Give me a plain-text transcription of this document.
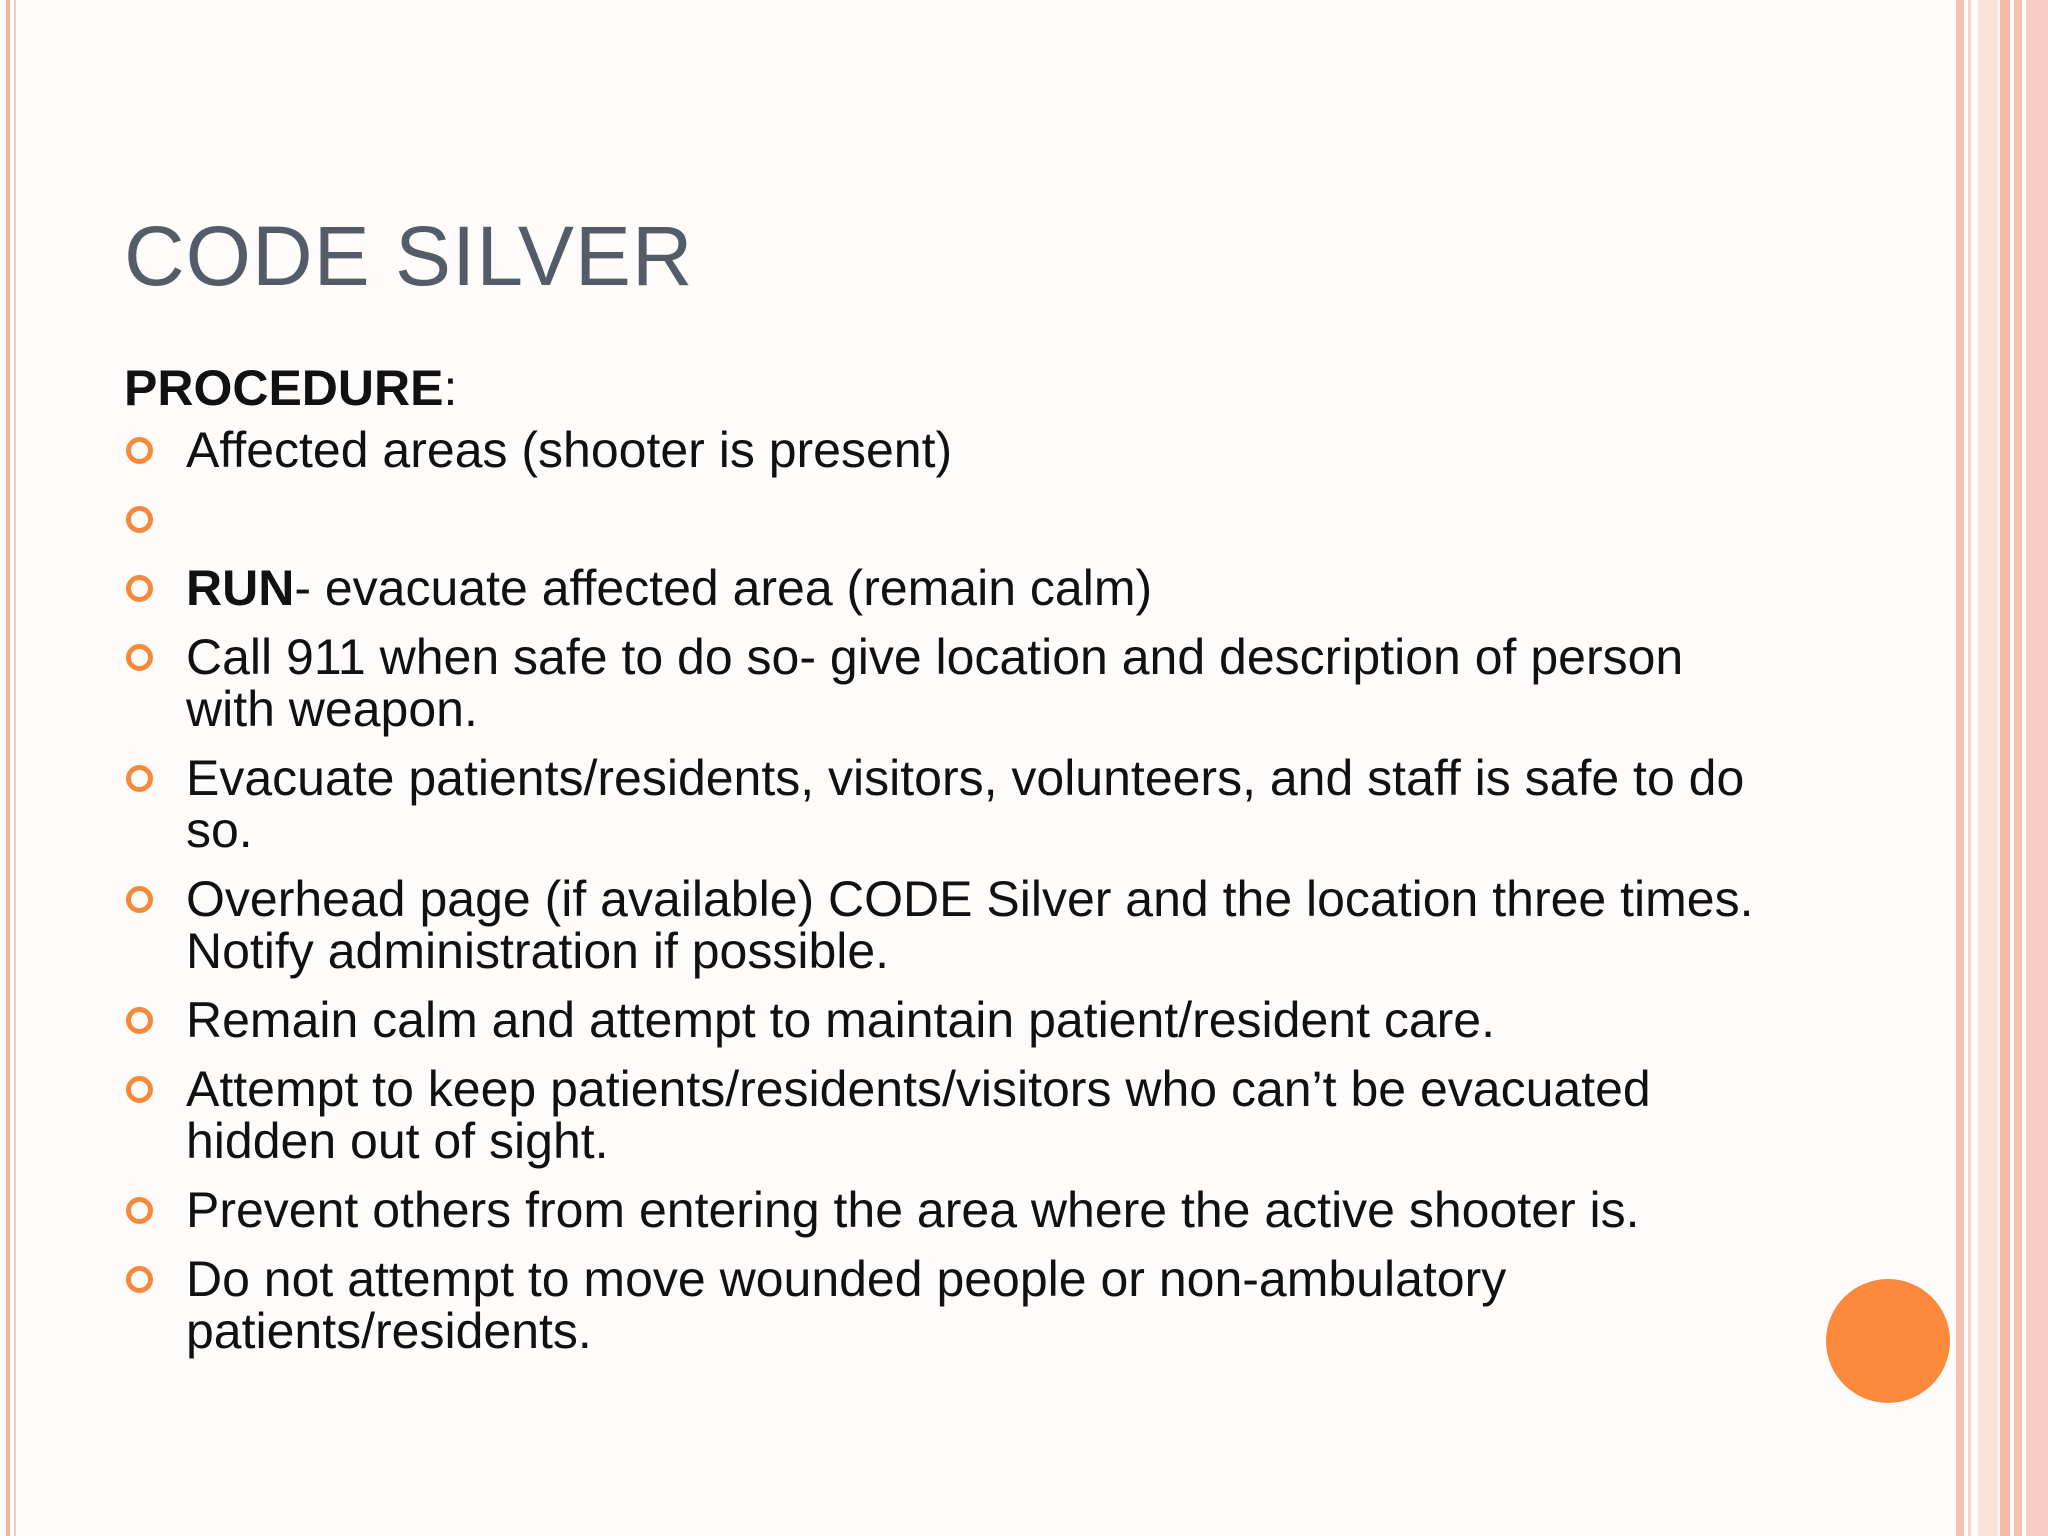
CODE SILVER

PROCEDURE:

Affected areas (shooter is present)
RUN- evacuate affected area (remain calm)
Call 911 when safe to do so- give location and description of person with weapon.
Evacuate patients/residents, visitors, volunteers, and staff is safe to do so.
Overhead page (if available) CODE Silver and the location three times. Notify administration if possible.
Remain calm and attempt to maintain patient/resident care.
Attempt to keep patients/residents/visitors who can’t be evacuated hidden out of sight.
Prevent others from entering the area where the active shooter is.
Do not attempt to move wounded people or non-ambulatory patients/residents.
